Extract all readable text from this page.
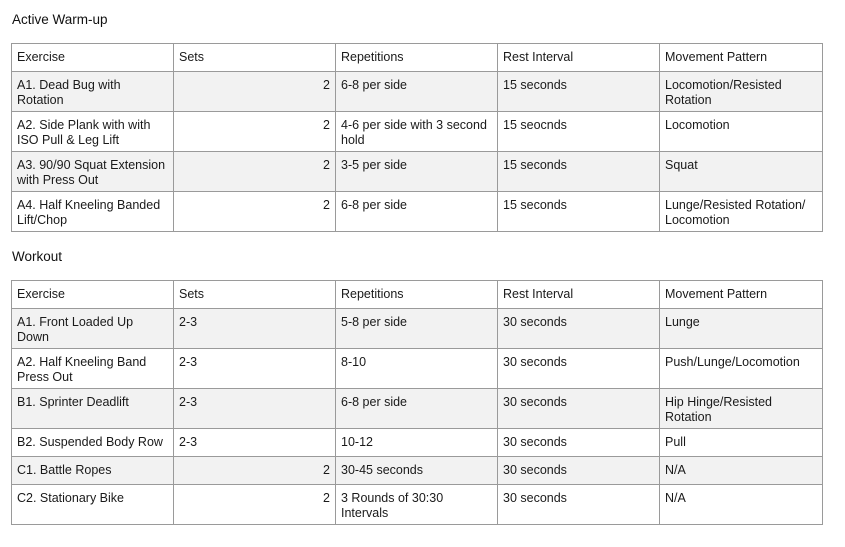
Active Warm-up
Exercise	Sets	Repetitions	Rest Interval	Movement Pattern
A1. Dead Bug with Rotation	2	6-8 per side	15 seconds	Locomotion/Resisted Rotation
A2. Side Plank with with ISO Pull & Leg Lift	2	4-6 per side with 3 second hold	15 seocnds	Locomotion
A3. 90/90 Squat Extension with Press Out	2	3-5 per side	15 seconds	Squat
A4. Half Kneeling Banded Lift/Chop	2	6-8 per side	15 seconds	Lunge/Resisted Rotation/ Locomotion
Workout
Exercise	Sets	Repetitions	Rest Interval	Movement Pattern
A1. Front Loaded Up Down	2-3	5-8 per side	30 seconds	Lunge
A2. Half Kneeling Band Press Out	2-3	8-10	30 seconds	Push/Lunge/Locomotion
B1. Sprinter Deadlift	2-3	6-8 per side	30 seconds	Hip Hinge/Resisted Rotation
B2. Suspended Body Row	2-3	10-12	30 seconds	Pull
C1. Battle Ropes	2	30-45 seconds	30 seconds	N/A
C2. Stationary Bike	2	3 Rounds of 30:30 Intervals	30 seconds	N/A
